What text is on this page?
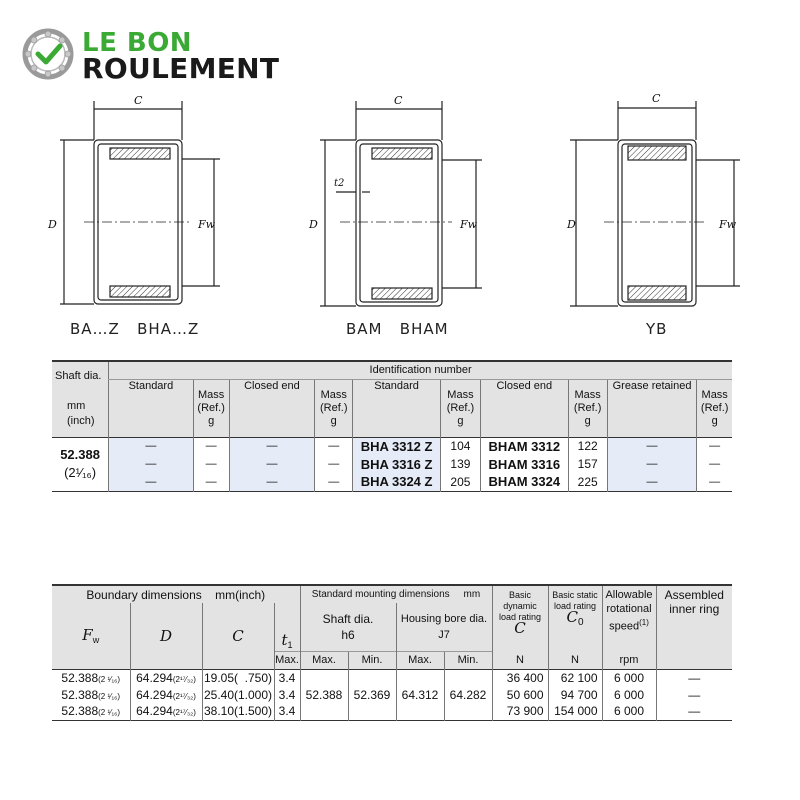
LE BON
ROULEMENT
C	C	C
D	D	D
Fw	Fw	Fw
t2
BA…Z   BHA…Z	BAM   BHAM	YB
Shaft dia.

mm
(inch)	Identification number									
	Standard	Mass
(Ref.)
g	Closed end	Mass
(Ref.)
g	Standard	Mass
(Ref.)
g	Closed end	Mass
(Ref.)
g	Grease retained	Mass
(Ref.)
g
52.388
(2¹⁄₁₆)	—	—	—	—	BHA 3312 Z	104	BHAM 3312	122	—	—
	—	—	—	—	BHA 3316 Z	139	BHAM 3316	157	—	—
	—	—	—	—	BHA 3324 Z	205	BHAM 3324	225	—	—
Boundary dimensions    mm(inch)				Standard mounting dimensions     mm				Basic dynamic
load rating
C	Basic static
load rating
$C_0$	Allowable
rotational
speed$^{(1)}$	Assembled
inner ring
$F_w$	D	C	$t_1$	Shaft dia.
h6		Housing bore dia.
J7					
			Max.	Max.	Min.	Max.	Min.	N	N	rpm	
52.388(2 ¹⁄₁₆)	64.294(2¹⁷⁄₃₂)	19.05(  .750)	3.4					36 400	62 100	6 000	—
52.388(2 ¹⁄₁₆)	64.294(2¹⁷⁄₃₂)	25.40(1.000)	3.4	52.388	52.369	64.312	64.282	50 600	94 700	6 000	—
52.388(2 ¹⁄₁₆)	64.294(2¹⁷⁄₃₂)	38.10(1.500)	3.4					73 900	154 000	6 000	—
